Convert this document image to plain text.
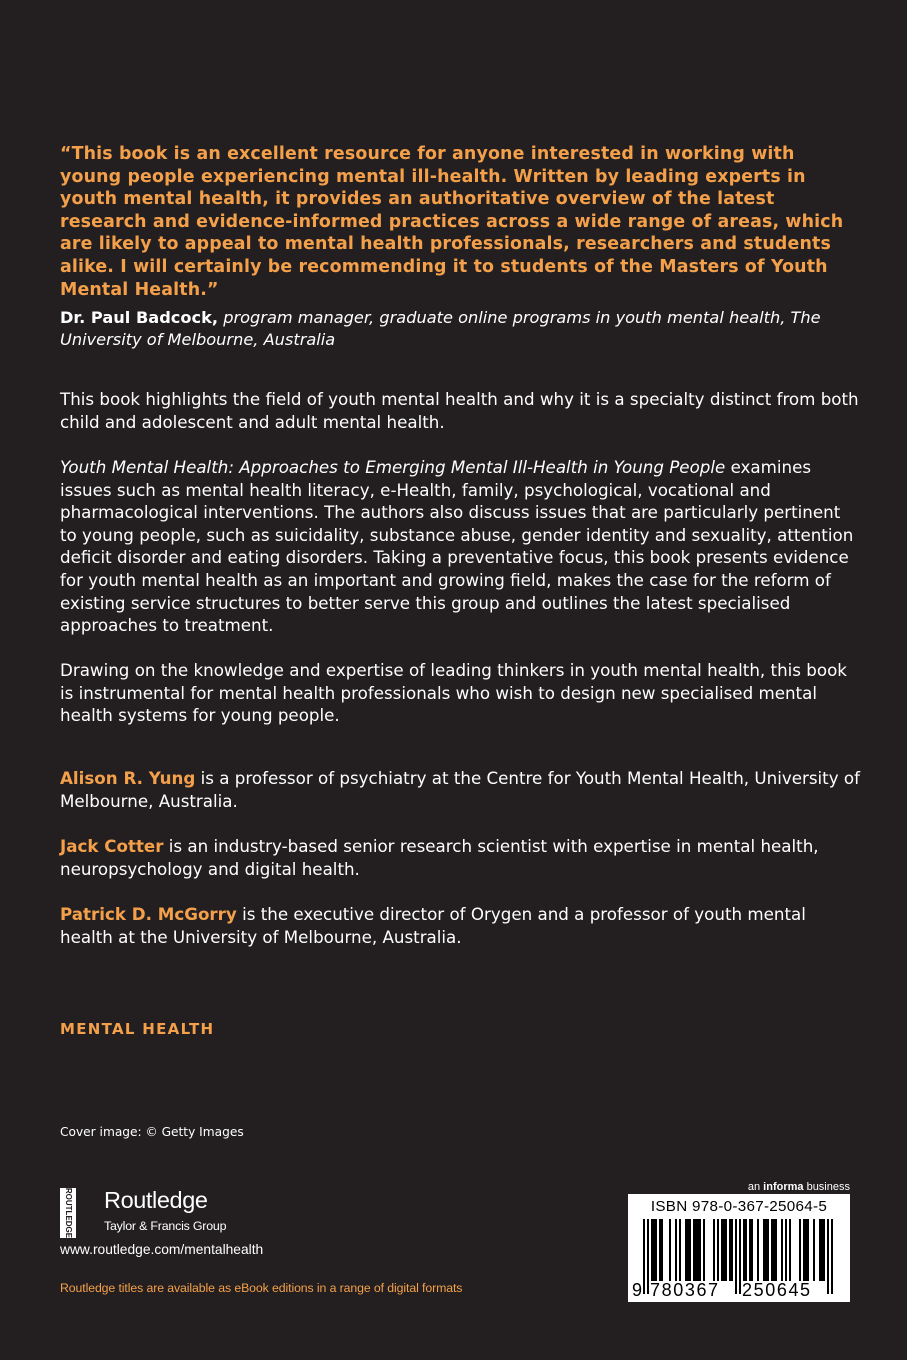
“This book is an excellent resource for anyone interested in working with young people experiencing mental ill-health. Written by leading experts in youth mental health, it provides an authoritative overview of the latest research and evidence-informed practices across a wide range of areas, which are likely to appeal to mental health professionals, researchers and students alike. I will certainly be recommending it to students of the Masters of Youth Mental Health.”

Dr. Paul Badcock, program manager, graduate online programs in youth mental health, The University of Melbourne, Australia

This book highlights the field of youth mental health and why it is a specialty distinct from both child and adolescent and adult mental health.

Youth Mental Health: Approaches to Emerging Mental Ill-Health in Young People examines issues such as mental health literacy, e-Health, family, psychological, vocational and pharmacological interventions. The authors also discuss issues that are particularly pertinent to young people, such as suicidality, substance abuse, gender identity and sexuality, attention deficit disorder and eating disorders. Taking a preventative focus, this book presents evidence for youth mental health as an important and growing field, makes the case for the reform of existing service structures to better serve this group and outlines the latest specialised approaches to treatment.

Drawing on the knowledge and expertise of leading thinkers in youth mental health, this book is instrumental for mental health professionals who wish to design new specialised mental health systems for young people.

Alison R. Yung is a professor of psychiatry at the Centre for Youth Mental Health, University of Melbourne, Australia.

Jack Cotter is an industry-based senior research scientist with expertise in mental health, neuropsychology and digital health.

Patrick D. McGorry is the executive director of Orygen and a professor of youth mental health at the University of Melbourne, Australia.

MENTAL HEALTH
Cover image: © Getty Images
ROUTLEDGE Routledge
Taylor & Francis Group
www.routledge.com/mentalhealth
Routledge titles are available as eBook editions in a range of digital formats
an informa business
ISBN 978-0-367-25064-5
9 780367 250645
